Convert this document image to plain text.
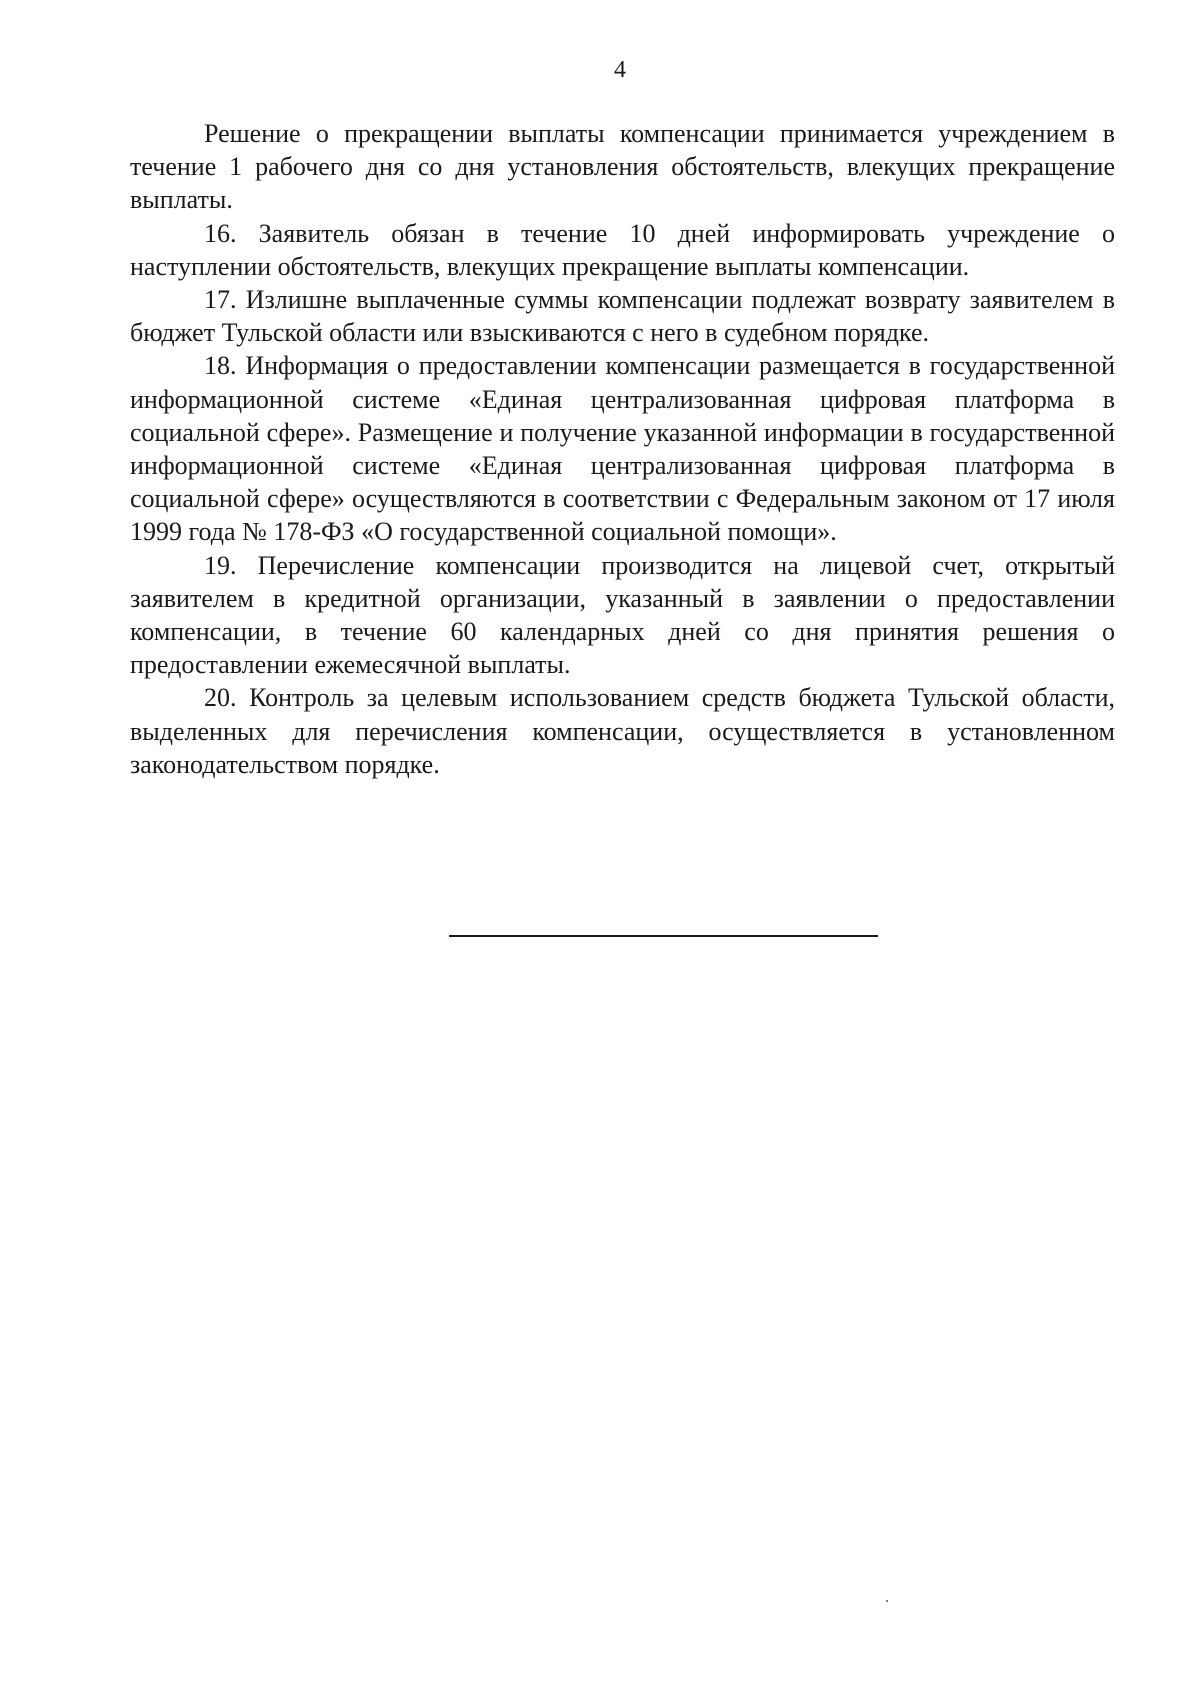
4

Решение о прекращении выплаты компенсации принимается учреждением в течение 1 рабочего дня со дня установления обстоятельств, влекущих прекращение выплаты.

16. Заявитель обязан в течение 10 дней информировать учреждение о наступлении обстоятельств, влекущих прекращение выплаты компенсации.

17. Излишне выплаченные суммы компенсации подлежат возврату заявителем в бюджет Тульской области или взыскиваются с него в судебном порядке.

18. Информация о предоставлении компенсации размещается в государственной информационной системе «Единая централизованная цифровая платформа в социальной сфере». Размещение и получение указанной информации в государственной информационной системе «Единая централизованная цифровая платформа в социальной сфере» осуществляются в соответствии с Федеральным законом от 17 июля 1999 года № 178-ФЗ «О государственной социальной помощи».

19. Перечисление компенсации производится на лицевой счет, открытый заявителем в кредитной организации, указанный в заявлении о предоставлении компенсации, в течение 60 календарных дней со дня принятия решения о предоставлении ежемесячной выплаты.

20. Контроль за целевым использованием средств бюджета Тульской области, выделенных для перечисления компенсации, осуществляется в установленном законодательством порядке.
